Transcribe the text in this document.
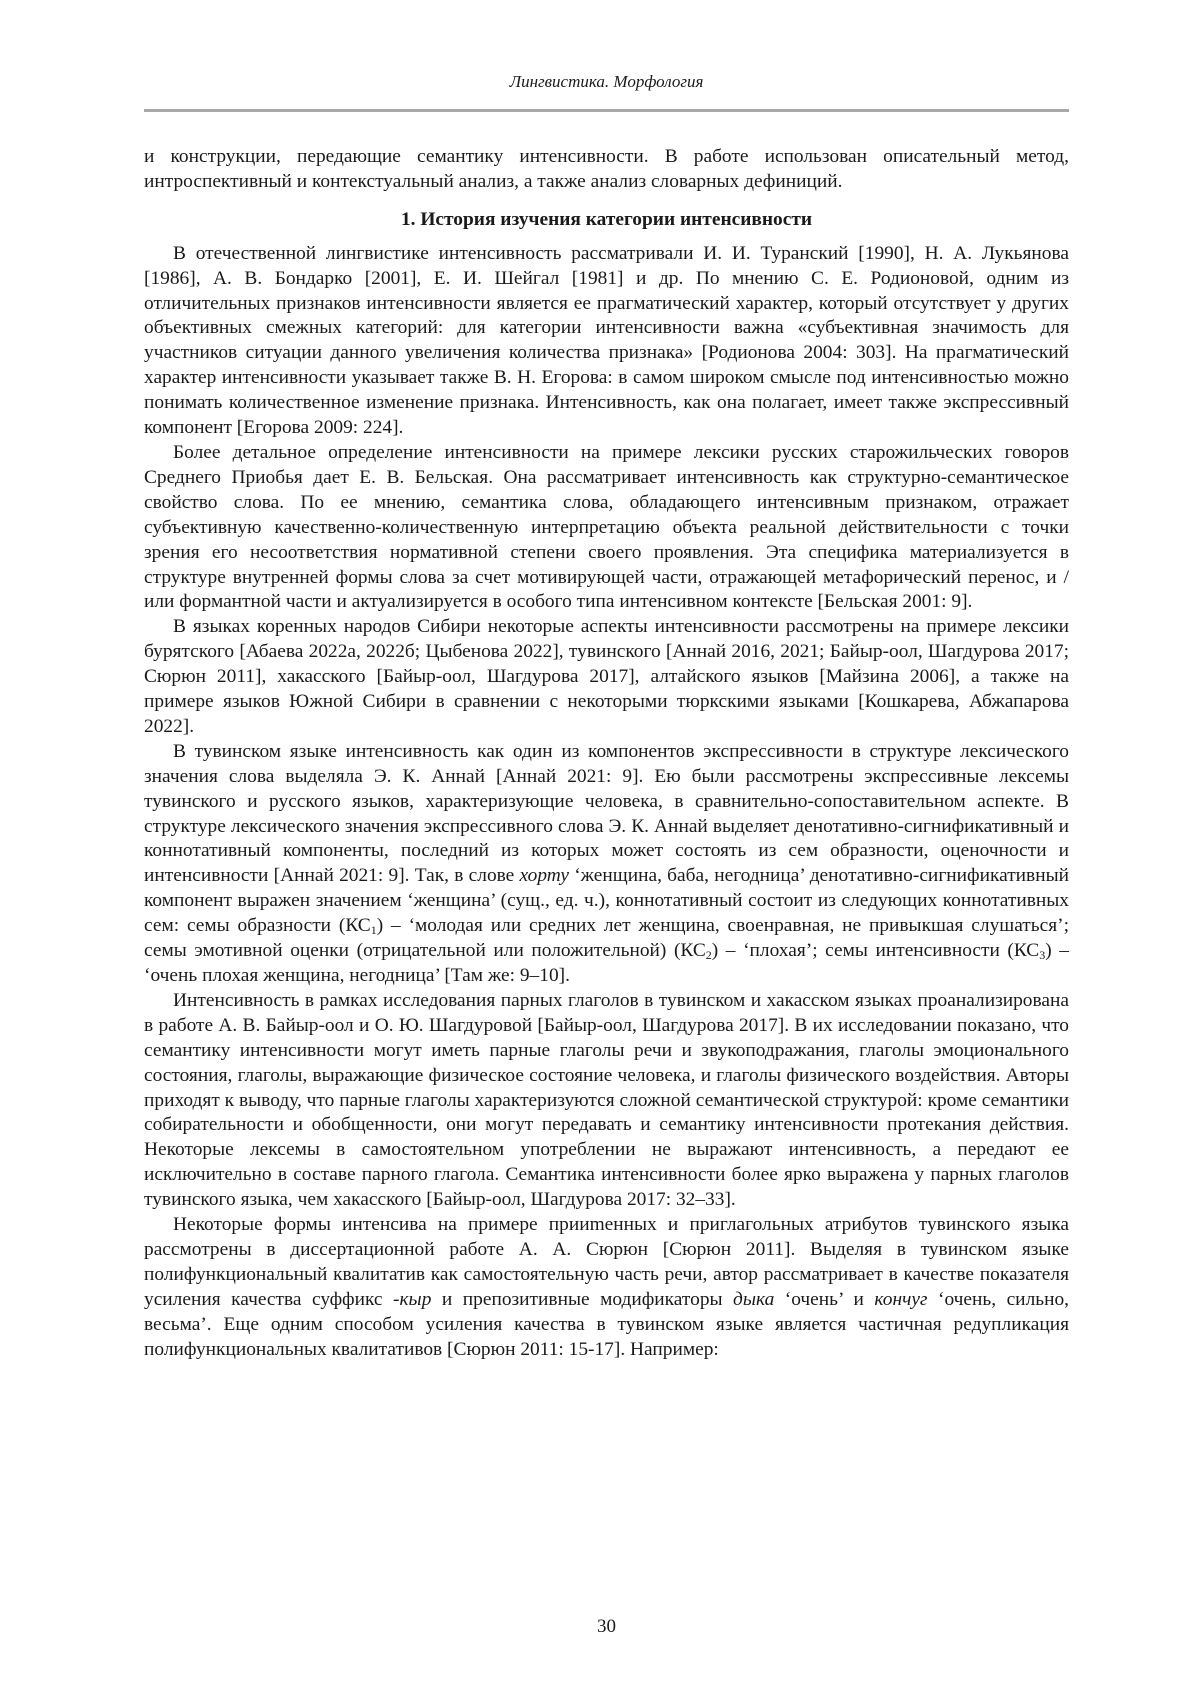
Лингвистика. Морфология

и конструкции, передающие семантику интенсивности. В работе использован описательный метод, интроспективный и контекстуальный анализ, а также анализ словарных дефиниций.

1. История изучения категории интенсивности

В отечественной лингвистике интенсивность рассматривали И. И. Туранский [1990], Н. А. Лукьянова [1986], А. В. Бондарко [2001], Е. И. Шейгал [1981] и др. По мнению С. Е. Родионовой, одним из отличительных признаков интенсивности является ее прагматический характер, который отсутствует у других объективных смежных категорий: для категории интенсивности важна «субъективная значимость для участников ситуации данного увеличения количества признака» [Родионова 2004: 303]. На прагматический характер интенсивности указывает также В. Н. Егорова: в самом широком смысле под интенсивностью можно понимать количественное изменение признака. Интенсивность, как она полагает, имеет также экспрессивный компонент [Егорова 2009: 224].

Более детальное определение интенсивности на примере лексики русских старожильческих говоров Среднего Приобья дает Е. В. Бельская. Она рассматривает интенсивность как структурно-семантическое свойство слова. По ее мнению, семантика слова, обладающего интенсивным признаком, отражает субъективную качественно-количественную интерпретацию объекта реальной действительности с точки зрения его несоответствия нормативной степени своего проявления. Эта специфика материализуется в структуре внутренней формы слова за счет мотивирующей части, отражающей метафорический перенос, и / или формантной части и актуализируется в особого типа интенсивном контексте [Бельская 2001: 9].

В языках коренных народов Сибири некоторые аспекты интенсивности рассмотрены на примере лексики бурятского [Абаева 2022а, 2022б; Цыбенова 2022], тувинского [Аннай 2016, 2021; Байыр-оол, Шагдурова 2017; Сюрюн 2011], хакасского [Байыр-оол, Шагдурова 2017], алтайского языков [Майзина 2006], а также на примере языков Южной Сибири в сравнении с некоторыми тюркскими языками [Кошкарева, Абжапарова 2022].

В тувинском языке интенсивность как один из компонентов экспрессивности в структуре лексического значения слова выделяла Э. К. Аннай [Аннай 2021: 9]. Ею были рассмотрены экспрессивные лексемы тувинского и русского языков, характеризующие человека, в сравнительно-сопоставительном аспекте. В структуре лексического значения экспрессивного слова Э. К. Аннай выделяет денотативно-сигнификативный и коннотативный компоненты, последний из которых может состоять из сем образности, оценочности и интенсивности [Аннай 2021: 9]. Так, в слове хорту ‘женщина, баба, негодница’ денотативно-сигнификативный компонент выражен значением ‘женщина’ (сущ., ед. ч.), коннотативный состоит из следующих коннотативных сем: семы образности $(КС_1)$ – ‘молодая или средних лет женщина, своенравная, не привыкшая слушаться’; семы эмотивной оценки (отрицательной или положительной) $(КС_2)$ – ‘плохая’; семы интенсивности $(КС_3)$ – ‘очень плохая женщина, негодница’ [Там же: 9–10].

Интенсивность в рамках исследования парных глаголов в тувинском и хакасском языках проанализирована в работе А. В. Байыр-оол и О. Ю. Шагдуровой [Байыр-оол, Шагдурова 2017]. В их исследовании показано, что семантику интенсивности могут иметь парные глаголы речи и звукоподражания, глаголы эмоционального состояния, глаголы, выражающие физическое состояние человека, и глаголы физического воздействия. Авторы приходят к выводу, что парные глаголы характеризуются сложной семантической структурой: кроме семантики собирательности и обобщенности, они могут передавать и семантику интенсивности протекания действия. Некоторые лексемы в самостоятельном употреблении не выражают интенсивность, а передают ее исключительно в составе парного глагола. Семантика интенсивности более ярко выражена у парных глаголов тувинского языка, чем хакасского [Байыр-оол, Шагдурова 2017: 32–33].

Некоторые формы интенсива на примере прииmенных и приглагольных атрибутов тувинского языка рассмотрены в диссертационной работе А. А. Сюрюн [Сюрюн 2011]. Выделяя в тувинском языке полифункциональный квалитатив как самостоятельную часть речи, автор рассматривает в качестве показателя усиления качества суффикс -кыр и препозитивные модификаторы дыка ‘очень’ и кончуг ‘очень, сильно, весьма’. Еще одним способом усиления качества в тувинском языке является частичная редупликация полифункциональных квалитативов [Сюрюн 2011: 15-17]. Например:

30
